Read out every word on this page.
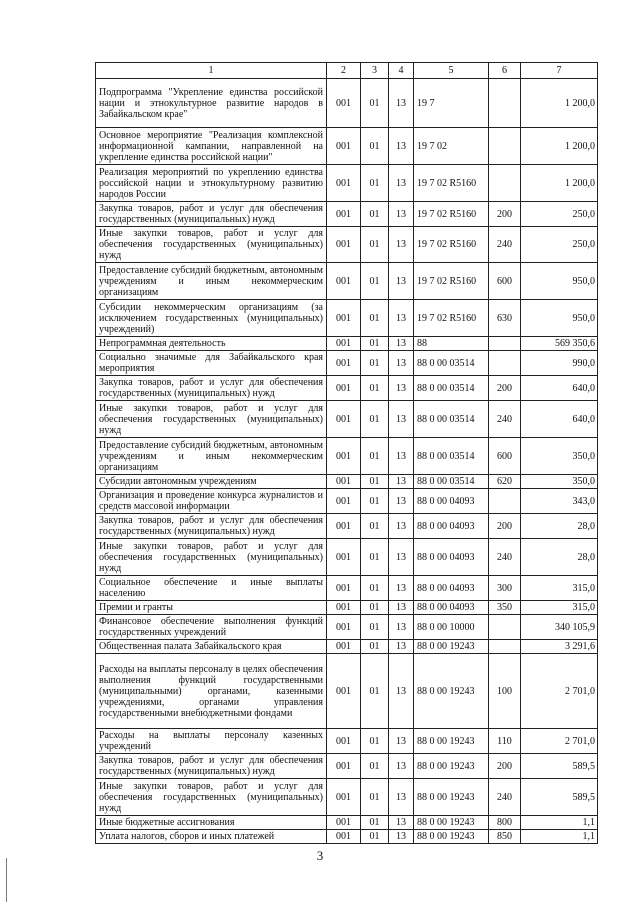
1	2	3	4	5	6	7
Подпрограмма "Укрепление единства российской нации и этнокультурное развитие народов в Забайкальском крае"	001	01	13	19 7		1 200,0
Основное мероприятие "Реализация комплексной информационной кампании, направленной на укрепление единства российской нации"	001	01	13	19 7 02		1 200,0
Реализация мероприятий по укреплению единства российской нации и этнокультурному развитию народов России	001	01	13	19 7 02 R5160		1 200,0
Закупка товаров, работ и услуг для обеспечения государственных (муниципальных) нужд	001	01	13	19 7 02 R5160	200	250,0
Иные закупки товаров, работ и услуг для обеспечения государственных (муниципальных) нужд	001	01	13	19 7 02 R5160	240	250,0
Предоставление субсидий бюджетным, автономным учреждениям и иным некоммерческим организациям	001	01	13	19 7 02 R5160	600	950,0
Субсидии некоммерческим организациям (за исключением государственных (муниципальных) учреждений)	001	01	13	19 7 02 R5160	630	950,0
Непрограммная деятельность	001	01	13	88		569 350,6
Социально значимые для Забайкальского края мероприятия	001	01	13	88 0 00 03514		990,0
Закупка товаров, работ и услуг для обеспечения государственных (муниципальных) нужд	001	01	13	88 0 00 03514	200	640,0
Иные закупки товаров, работ и услуг для обеспечения государственных (муниципальных) нужд	001	01	13	88 0 00 03514	240	640,0
Предоставление субсидий бюджетным, автономным учреждениям и иным некоммерческим организациям	001	01	13	88 0 00 03514	600	350,0
Субсидии автономным учреждениям	001	01	13	88 0 00 03514	620	350,0
Организация и проведение конкурса журналистов и средств массовой информации	001	01	13	88 0 00 04093		343,0
Закупка товаров, работ и услуг для обеспечения государственных (муниципальных) нужд	001	01	13	88 0 00 04093	200	28,0
Иные закупки товаров, работ и услуг для обеспечения государственных (муниципальных) нужд	001	01	13	88 0 00 04093	240	28,0
Социальное обеспечение и иные выплаты населению	001	01	13	88 0 00 04093	300	315,0
Премии и гранты	001	01	13	88 0 00 04093	350	315,0
Финансовое обеспечение выполнения функций государственных учреждений	001	01	13	88 0 00 10000		340 105,9
Общественная палата Забайкальского края	001	01	13	88 0 00 19243		3 291,6
Расходы на выплаты персоналу в целях обеспечения выполнения функций государственными (муниципальными) органами, казенными учреждениями, органами управления государственными внебюджетными фондами	001	01	13	88 0 00 19243	100	2 701,0
Расходы на выплаты персоналу казенных учреждений	001	01	13	88 0 00 19243	110	2 701,0
Закупка товаров, работ и услуг для обеспечения государственных (муниципальных) нужд	001	01	13	88 0 00 19243	200	589,5
Иные закупки товаров, работ и услуг для обеспечения государственных (муниципальных) нужд	001	01	13	88 0 00 19243	240	589,5
Иные бюджетные ассигнования	001	01	13	88 0 00 19243	800	1,1
Уплата налогов, сборов и иных платежей	001	01	13	88 0 00 19243	850	1,1
3
